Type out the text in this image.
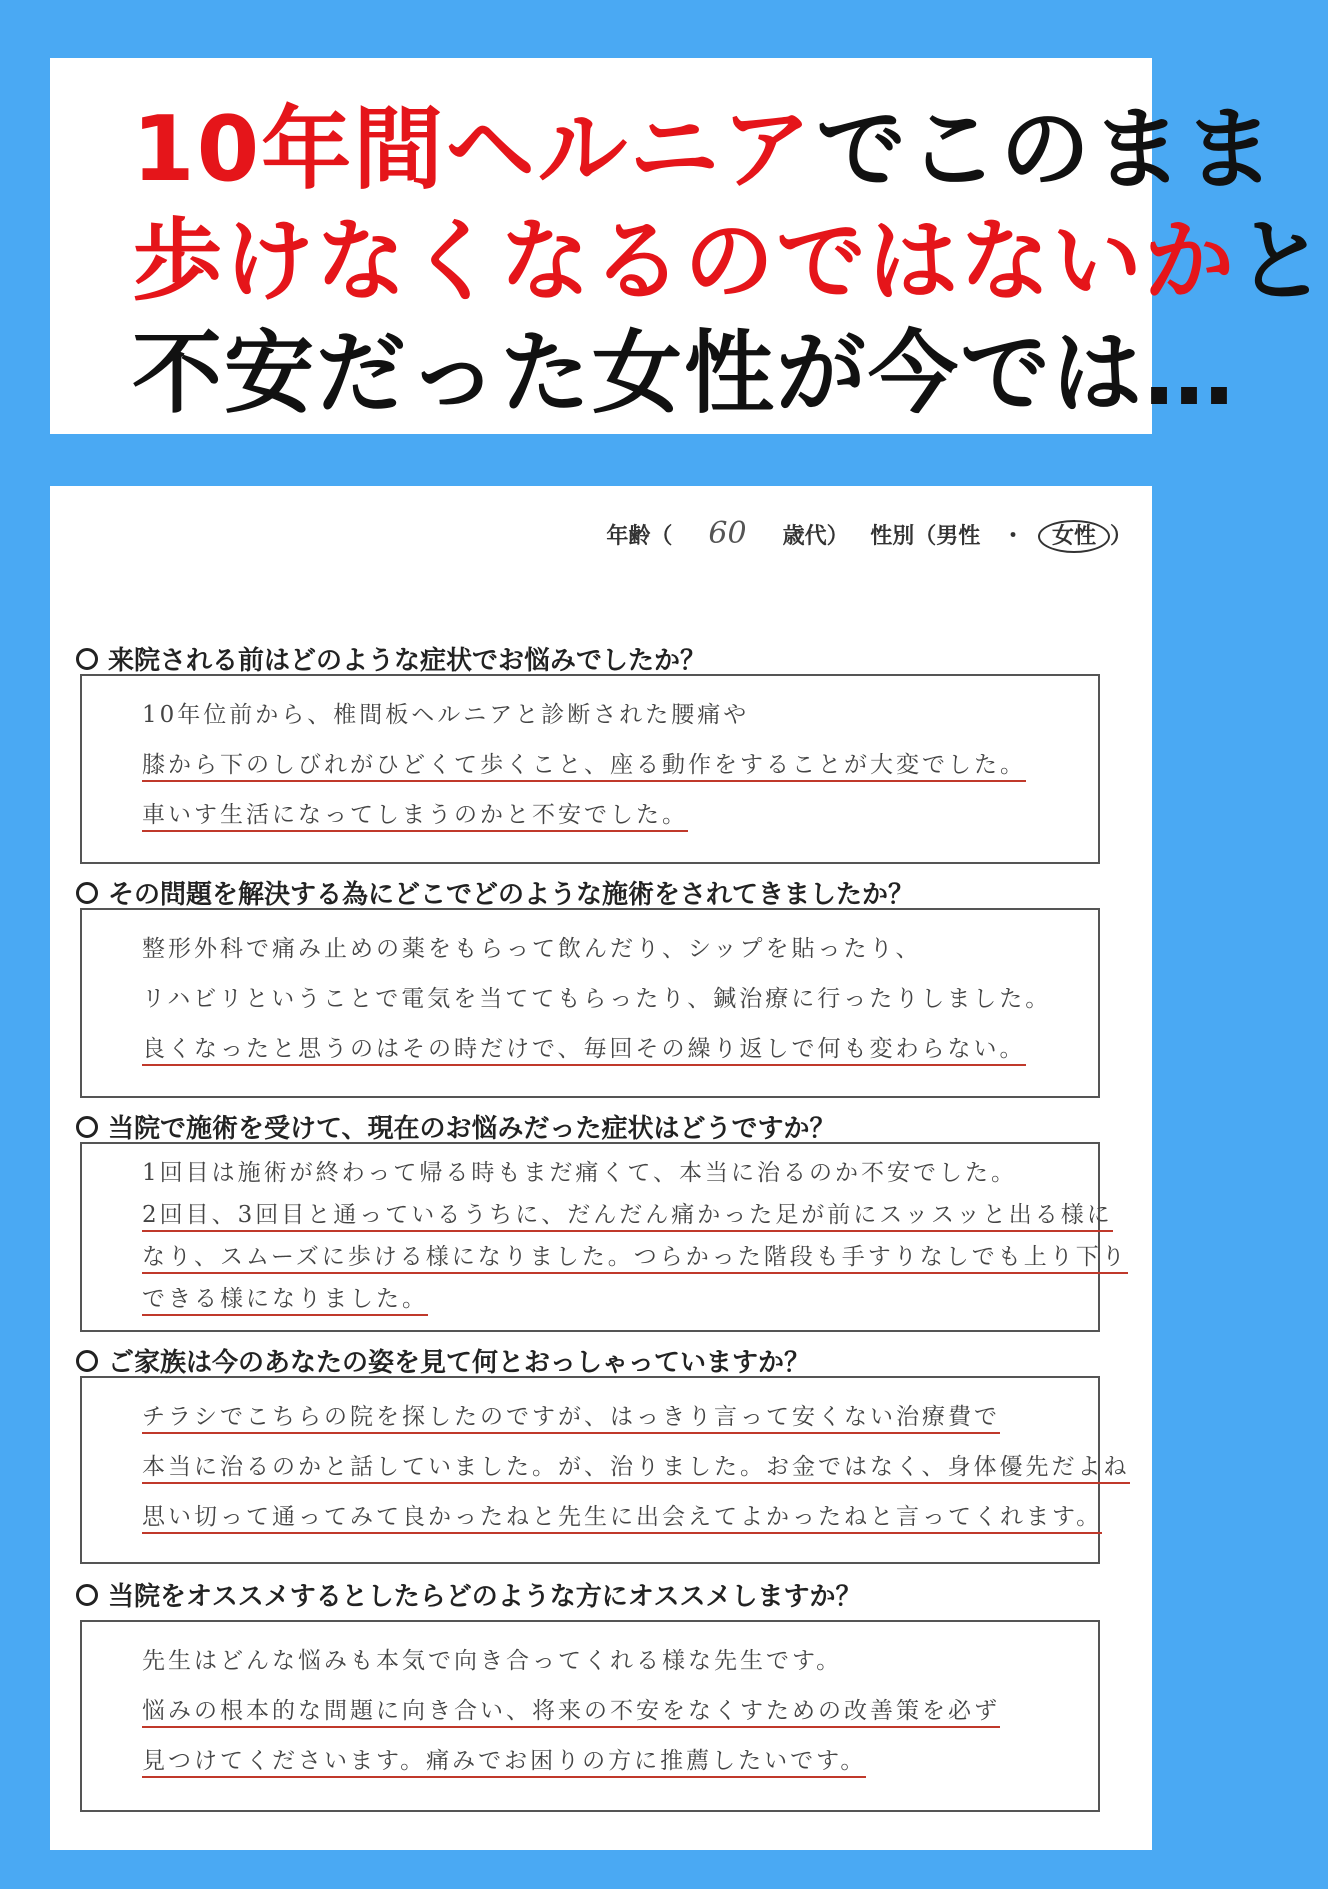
10年間ヘルニアでこのまま
歩けなくなるのではないかと
不安だった女性が今では…
年齢（ 60 歳代） 性別（男性 ・ 女性 ）
来院される前はどのような症状でお悩みでしたか？
10年位前から、椎間板ヘルニアと診断された腰痛や
膝から下のしびれがひどくて歩くこと、座る動作をすることが大変でした。
車いす生活になってしまうのかと不安でした。
その問題を解決する為にどこでどのような施術をされてきましたか？
整形外科で痛み止めの薬をもらって飲んだり、シップを貼ったり、
リハビリということで電気を当ててもらったり、鍼治療に行ったりしました。
良くなったと思うのはその時だけで、毎回その繰り返しで何も変わらない。
当院で施術を受けて、現在のお悩みだった症状はどうですか？
1回目は施術が終わって帰る時もまだ痛くて、本当に治るのか不安でした。
2回目、3回目と通っているうちに、だんだん痛かった足が前にスッスッと出る様に
なり、スムーズに歩ける様になりました。つらかった階段も手すりなしでも上り下り
できる様になりました。
ご家族は今のあなたの姿を見て何とおっしゃっていますか？
チラシでこちらの院を探したのですが、はっきり言って安くない治療費で
本当に治るのかと話していました。が、治りました。お金ではなく、身体優先だよね
思い切って通ってみて良かったねと先生に出会えてよかったねと言ってくれます。
当院をオススメするとしたらどのような方にオススメしますか？
先生はどんな悩みも本気で向き合ってくれる様な先生です。
悩みの根本的な問題に向き合い、将来の不安をなくすための改善策を必ず
見つけてくださいます。痛みでお困りの方に推薦したいです。
